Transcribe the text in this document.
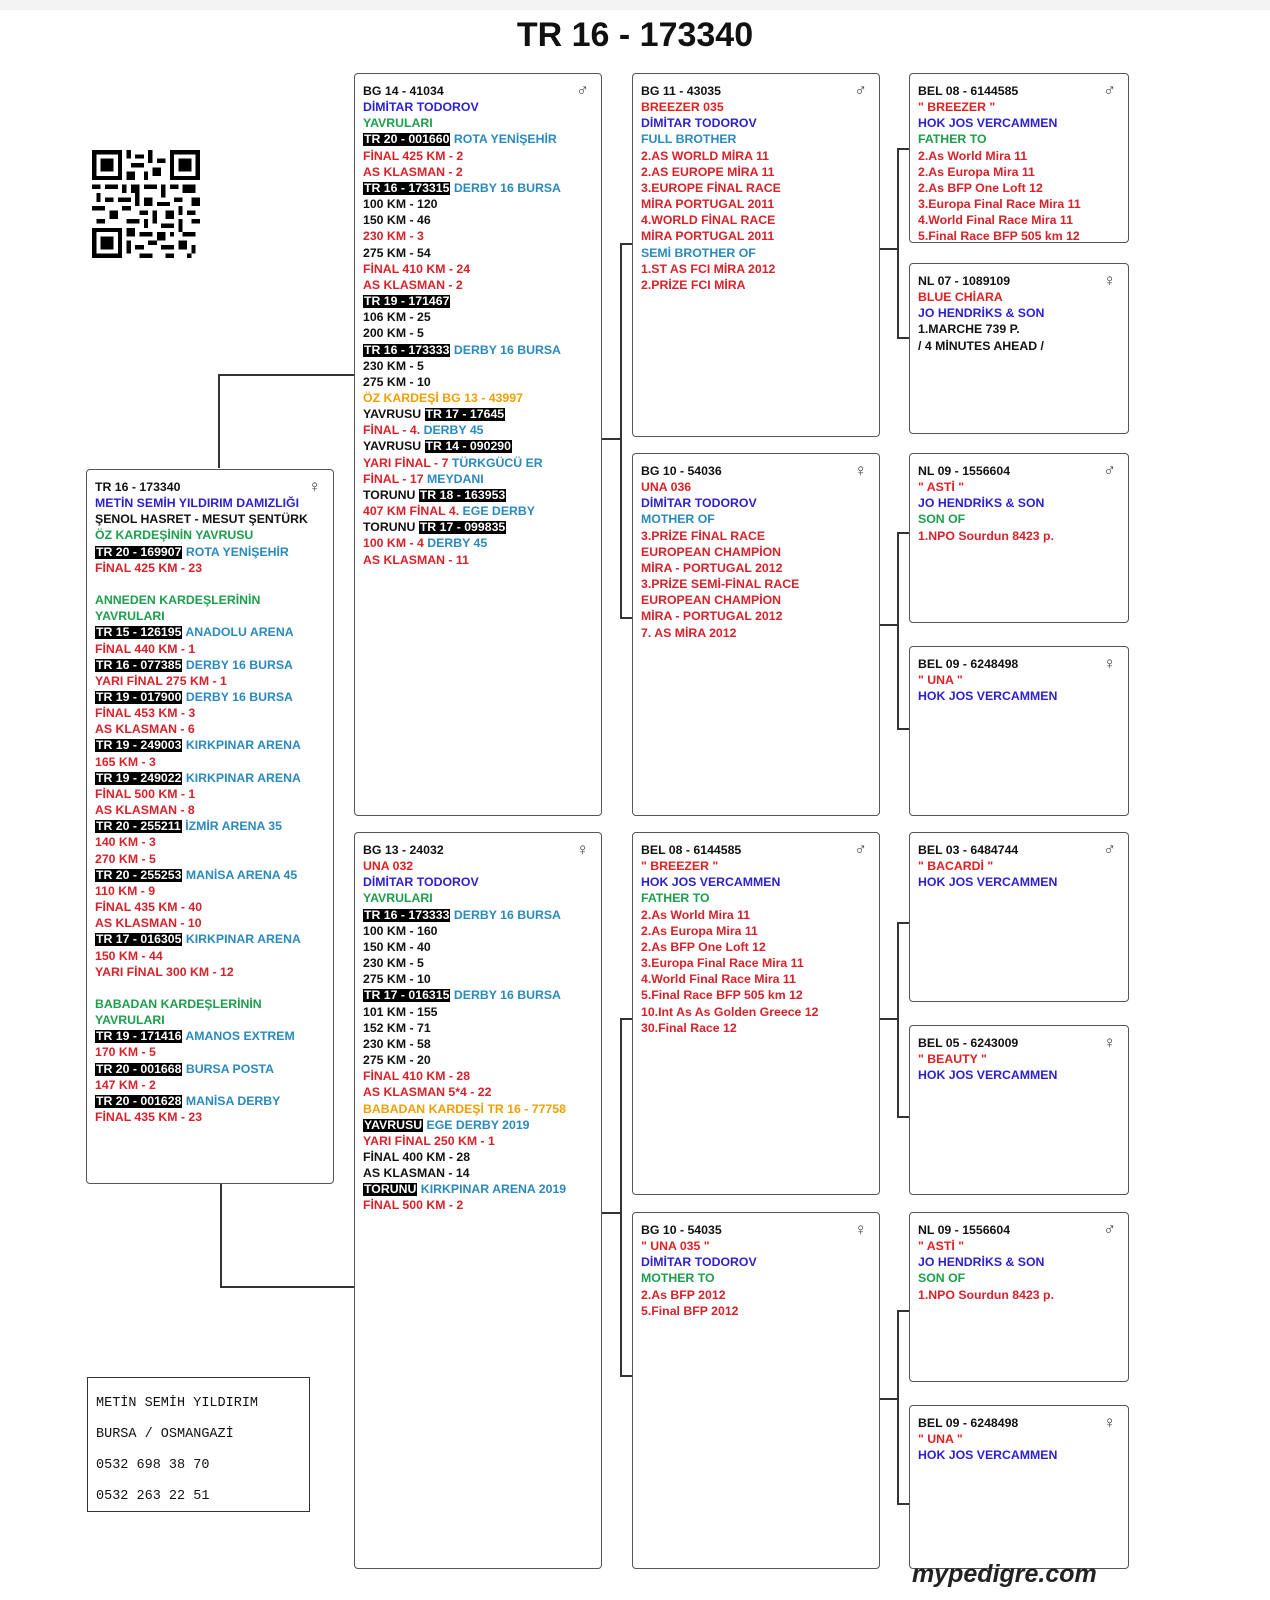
TR 16 - 173340
♀
TR 16 - 173340
METİN SEMİH YILDIRIM DAMIZLIĞI
ŞENOL HASRET - MESUT ŞENTÜRK
ÖZ KARDEŞİNİN YAVRUSU
TR 20 - 169907 ROTA YENİŞEHİR
FİNAL 425 KM - 23
ANNEDEN KARDEŞLERİNİN
YAVRULARI
TR 15 - 126195 ANADOLU ARENA
FİNAL 440 KM - 1
TR 16 - 077385 DERBY 16 BURSA
YARI FİNAL 275 KM - 1
TR 19 - 017900 DERBY 16 BURSA
FİNAL 453 KM - 3
AS KLASMAN - 6
TR 19 - 249003 KIRKPINAR ARENA
165 KM - 3
TR 19 - 249022 KIRKPINAR ARENA
FİNAL 500 KM - 1
AS KLASMAN - 8
TR 20 - 255211 İZMİR ARENA 35
140 KM - 3
270 KM - 5
TR 20 - 255253 MANİSA ARENA 45
110 KM - 9
FİNAL 435 KM - 40
AS KLASMAN - 10
TR 17 - 016305 KIRKPINAR ARENA
150 KM - 44
YARI FİNAL 300 KM - 12
BABADAN KARDEŞLERİNİN
YAVRULARI
TR 19 - 171416 AMANOS EXTREM
170 KM - 5
TR 20 - 001668 BURSA POSTA
147 KM - 2
TR 20 - 001628 MANİSA DERBY
FİNAL 435 KM - 23
♂
BG 14 - 41034
DİMİTAR TODOROV
YAVRULARI
TR 20 - 001660 ROTA YENİŞEHİR
FİNAL 425 KM - 2
AS KLASMAN - 2
TR 16 - 173315 DERBY 16 BURSA
100 KM - 120
150 KM - 46
230 KM - 3
275 KM - 54
FİNAL 410 KM - 24
AS KLASMAN - 2
TR 19 - 171467
106 KM - 25
200 KM - 5
TR 16 - 173333 DERBY 16 BURSA
230 KM - 5
275 KM - 10
ÖZ KARDEŞİ BG 13 - 43997
YAVRUSU TR 17 - 17645
FİNAL - 4. DERBY 45
YAVRUSU TR 14 - 090290
YARI FİNAL - 7 TÜRKGÜCÜ ER
FİNAL - 17 MEYDANI
TORUNU TR 18 - 163953
407 KM FİNAL 4. EGE DERBY
TORUNU TR 17 - 099835
100 KM - 4 DERBY 45
AS KLASMAN - 11
♀
BG 13 - 24032
UNA 032
DİMİTAR TODOROV
YAVRULARI
TR 16 - 173333 DERBY 16 BURSA
100 KM - 160
150 KM - 40
230 KM - 5
275 KM - 10
TR 17 - 016315 DERBY 16 BURSA
101 KM - 155
152 KM - 71
230 KM - 58
275 KM - 20
FİNAL 410 KM - 28
AS KLASMAN 5*4 - 22
BABADAN KARDEŞİ TR 16 - 77758
YAVRUSU EGE DERBY 2019
YARI FİNAL 250 KM - 1
FİNAL 400 KM - 28
AS KLASMAN - 14
TORUNU KIRKPINAR ARENA 2019
FİNAL 500 KM - 2
♂
BG 11 - 43035
BREEZER 035
DİMİTAR TODOROV
FULL BROTHER
2.AS WORLD MİRA 11
2.AS EUROPE MİRA 11
3.EUROPE FİNAL RACE
MİRA PORTUGAL 2011
4.WORLD FİNAL RACE
MİRA PORTUGAL 2011
SEMİ BROTHER OF
1.ST AS FCI MİRA 2012
2.PRİZE FCI MİRA
♀
BG 10 - 54036
UNA 036
DİMİTAR TODOROV
MOTHER OF
3.PRİZE FİNAL RACE
EUROPEAN CHAMPİON
MİRA - PORTUGAL 2012
3.PRİZE SEMİ-FİNAL RACE
EUROPEAN CHAMPİON
MİRA - PORTUGAL 2012
7. AS MİRA 2012
♂
BEL 08 - 6144585
" BREEZER "
HOK JOS VERCAMMEN
FATHER TO
2.As World Mira 11
2.As Europa Mira 11
2.As BFP One Loft 12
3.Europa Final Race Mira 11
4.World Final Race Mira 11
5.Final Race BFP 505 km 12
10.Int As As Golden Greece 12
30.Final Race 12
♀
BG 10 - 54035
" UNA 035 "
DİMİTAR TODOROV
MOTHER TO
2.As BFP 2012
5.Final BFP 2012
♂
BEL 08 - 6144585
" BREEZER "
HOK JOS VERCAMMEN
FATHER TO
2.As World Mira 11
2.As Europa Mira 11
2.As BFP One Loft 12
3.Europa Final Race Mira 11
4.World Final Race Mira 11
5.Final Race BFP 505 km 12
♀
NL 07 - 1089109
BLUE CHİARA
JO HENDRİKS & SON
1.MARCHE 739 P.
/ 4 MİNUTES AHEAD /
♂
NL 09 - 1556604
" ASTİ "
JO HENDRİKS & SON
SON OF
1.NPO Sourdun 8423 p.
♀
BEL 09 - 6248498
" UNA "
HOK JOS VERCAMMEN
♂
BEL 03 - 6484744
" BACARDİ "
HOK JOS VERCAMMEN
♀
BEL 05 - 6243009
" BEAUTY "
HOK JOS VERCAMMEN
♂
NL 09 - 1556604
" ASTİ "
JO HENDRİKS & SON
SON OF
1.NPO Sourdun 8423 p.
♀
BEL 09 - 6248498
" UNA "
HOK JOS VERCAMMEN
METİN SEMİH YILDIRIM
BURSA / OSMANGAZİ
0532 698 38 70
0532 263 22 51
mypedigre.com
